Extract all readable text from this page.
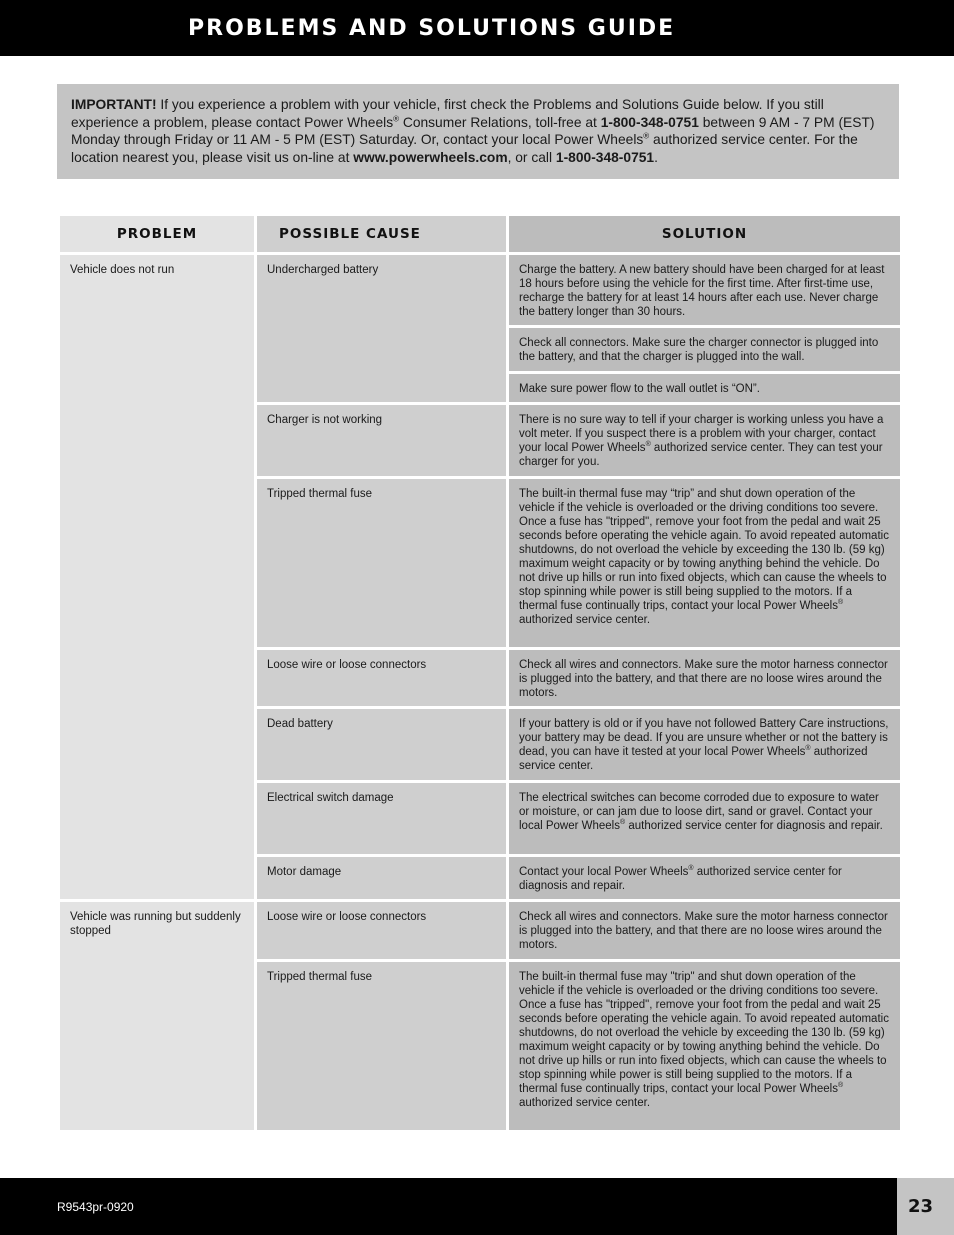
PROBLEMS AND SOLUTIONS GUIDE
IMPORTANT! If you experience a problem with your vehicle, first check the Problems and Solutions Guide below. If you still experience a problem, please contact Power Wheels® Consumer Relations, toll-free at 1-800-348-0751 between 9 AM - 7 PM (EST) Monday through Friday or 11 AM - 5 PM (EST) Saturday. Or, contact your local Power Wheels® authorized service center. For the location nearest you, please visit us on-line at www.powerwheels.com, or call 1-800-348-0751.
PROBLEM	POSSIBLE CAUSE	SOLUTION
Vehicle does not run	Undercharged battery	Charge the battery. A new battery should have been charged for at least 18 hours before using the vehicle for the first time. After first-time use, recharge the battery for at least 14 hours after each use. Never charge the battery longer than 30 hours.
		Check all connectors. Make sure the charger connector is plugged into the battery, and that the charger is plugged into the wall.
		Make sure power flow to the wall outlet is “ON”.
	Charger is not working	There is no sure way to tell if your charger is working unless you have a volt meter. If you suspect there is a problem with your charger, contact your local Power Wheels® authorized service center. They can test your charger for you.
	Tripped thermal fuse	The built-in thermal fuse may “trip” and shut down operation of the vehicle if the vehicle is overloaded or the driving conditions too severe. Once a fuse has "tripped", remove your foot from the pedal and wait 25 seconds before operating the vehicle again. To avoid repeated automatic shutdowns, do not overload the vehicle by exceeding the 130 lb. (59 kg) maximum weight capacity or by towing anything behind the vehicle. Do not drive up hills or run into fixed objects, which can cause the wheels to stop spinning while power is still being supplied to the motors. If a thermal fuse continually trips, contact your local Power Wheels® authorized service center.
	Loose wire or loose connectors	Check all wires and connectors. Make sure the motor harness connector is plugged into the battery, and that there are no loose wires around the motors.
	Dead battery	If your battery is old or if you have not followed Battery Care instructions, your battery may be dead. If you are unsure whether or not the battery is dead, you can have it tested at your local Power Wheels® authorized service center.
	Electrical switch damage	The electrical switches can become corroded due to exposure to water or moisture, or can jam due to loose dirt, sand or gravel. Contact your local Power Wheels® authorized service center for diagnosis and repair.
	Motor damage	Contact your local Power Wheels® authorized service center for diagnosis and repair.
Vehicle was running but suddenly stopped	Loose wire or loose connectors	Check all wires and connectors. Make sure the motor harness connector is plugged into the battery, and that there are no loose wires around the motors.
	Tripped thermal fuse	The built-in thermal fuse may "trip" and shut down operation of the vehicle if the vehicle is overloaded or the driving conditions too severe. Once a fuse has "tripped", remove your foot from the pedal and wait 25 seconds before operating the vehicle again. To avoid repeated automatic shutdowns, do not overload the vehicle by exceeding the 130 lb. (59 kg) maximum weight capacity or by towing anything behind the vehicle. Do not drive up hills or run into fixed objects, which can cause the wheels to stop spinning while power is still being supplied to the motors. If a thermal fuse continually trips, contact your local Power Wheels® authorized service center.
R9543pr-0920	23
